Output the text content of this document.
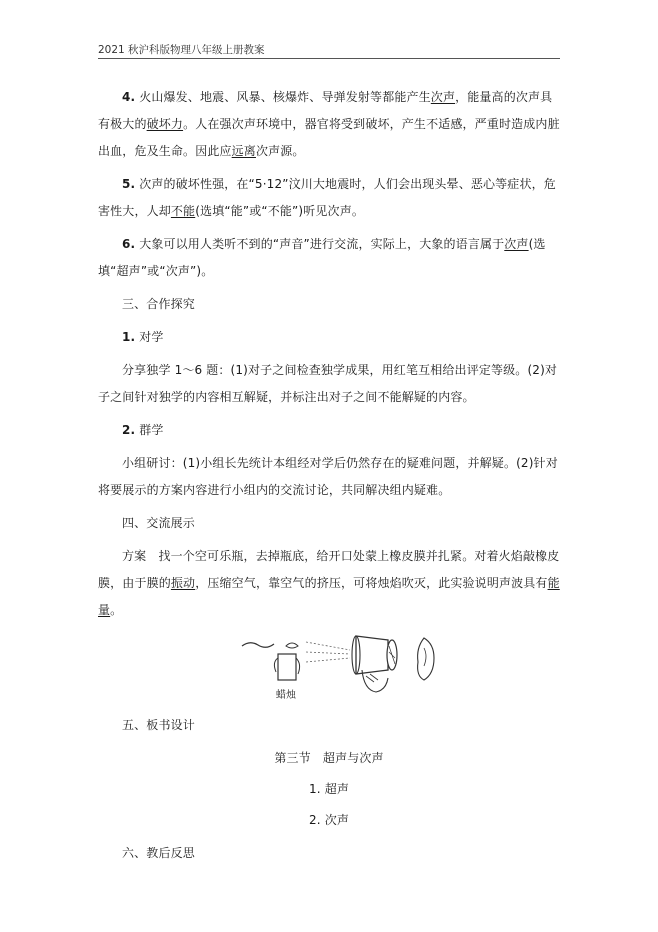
2021 秋沪科版物理八年级上册教案

4. 火山爆发、地震、风暴、核爆炸、导弹发射等都能产生次声，能量高的次声具有极大的破坏力。人在强次声环境中，器官将受到破坏，产生不适感，严重时造成内脏出血，危及生命。因此应远离次声源。

5. 次声的破坏性强，在“5·12”汶川大地震时，人们会出现头晕、恶心等症状，危害性大，人却不能(选填“能”或“不能”)听见次声。

6. 大象可以用人类听不到的“声音”进行交流，实际上，大象的语言属于次声(选填“超声”或“次声”)。

三、合作探究

1. 对学

分享独学 1～6 题：(1)对子之间检查独学成果，用红笔互相给出评定等级。(2)对子之间针对独学的内容相互解疑，并标注出对子之间不能解疑的内容。

2. 群学

小组研讨：(1)小组长先统计本组经对学后仍然存在的疑难问题，并解疑。(2)针对将要展示的方案内容进行小组内的交流讨论，共同解决组内疑难。

四、交流展示

方案　找一个空可乐瓶，去掉瓶底，给开口处蒙上橡皮膜并扎紧。对着火焰敲橡皮膜，由于膜的振动，压缩空气，靠空气的挤压，可将烛焰吹灭，此实验说明声波具有能量。

蜡烛

五、板书设计

第三节　超声与次声

1. 超声

2. 次声

六、教后反思
